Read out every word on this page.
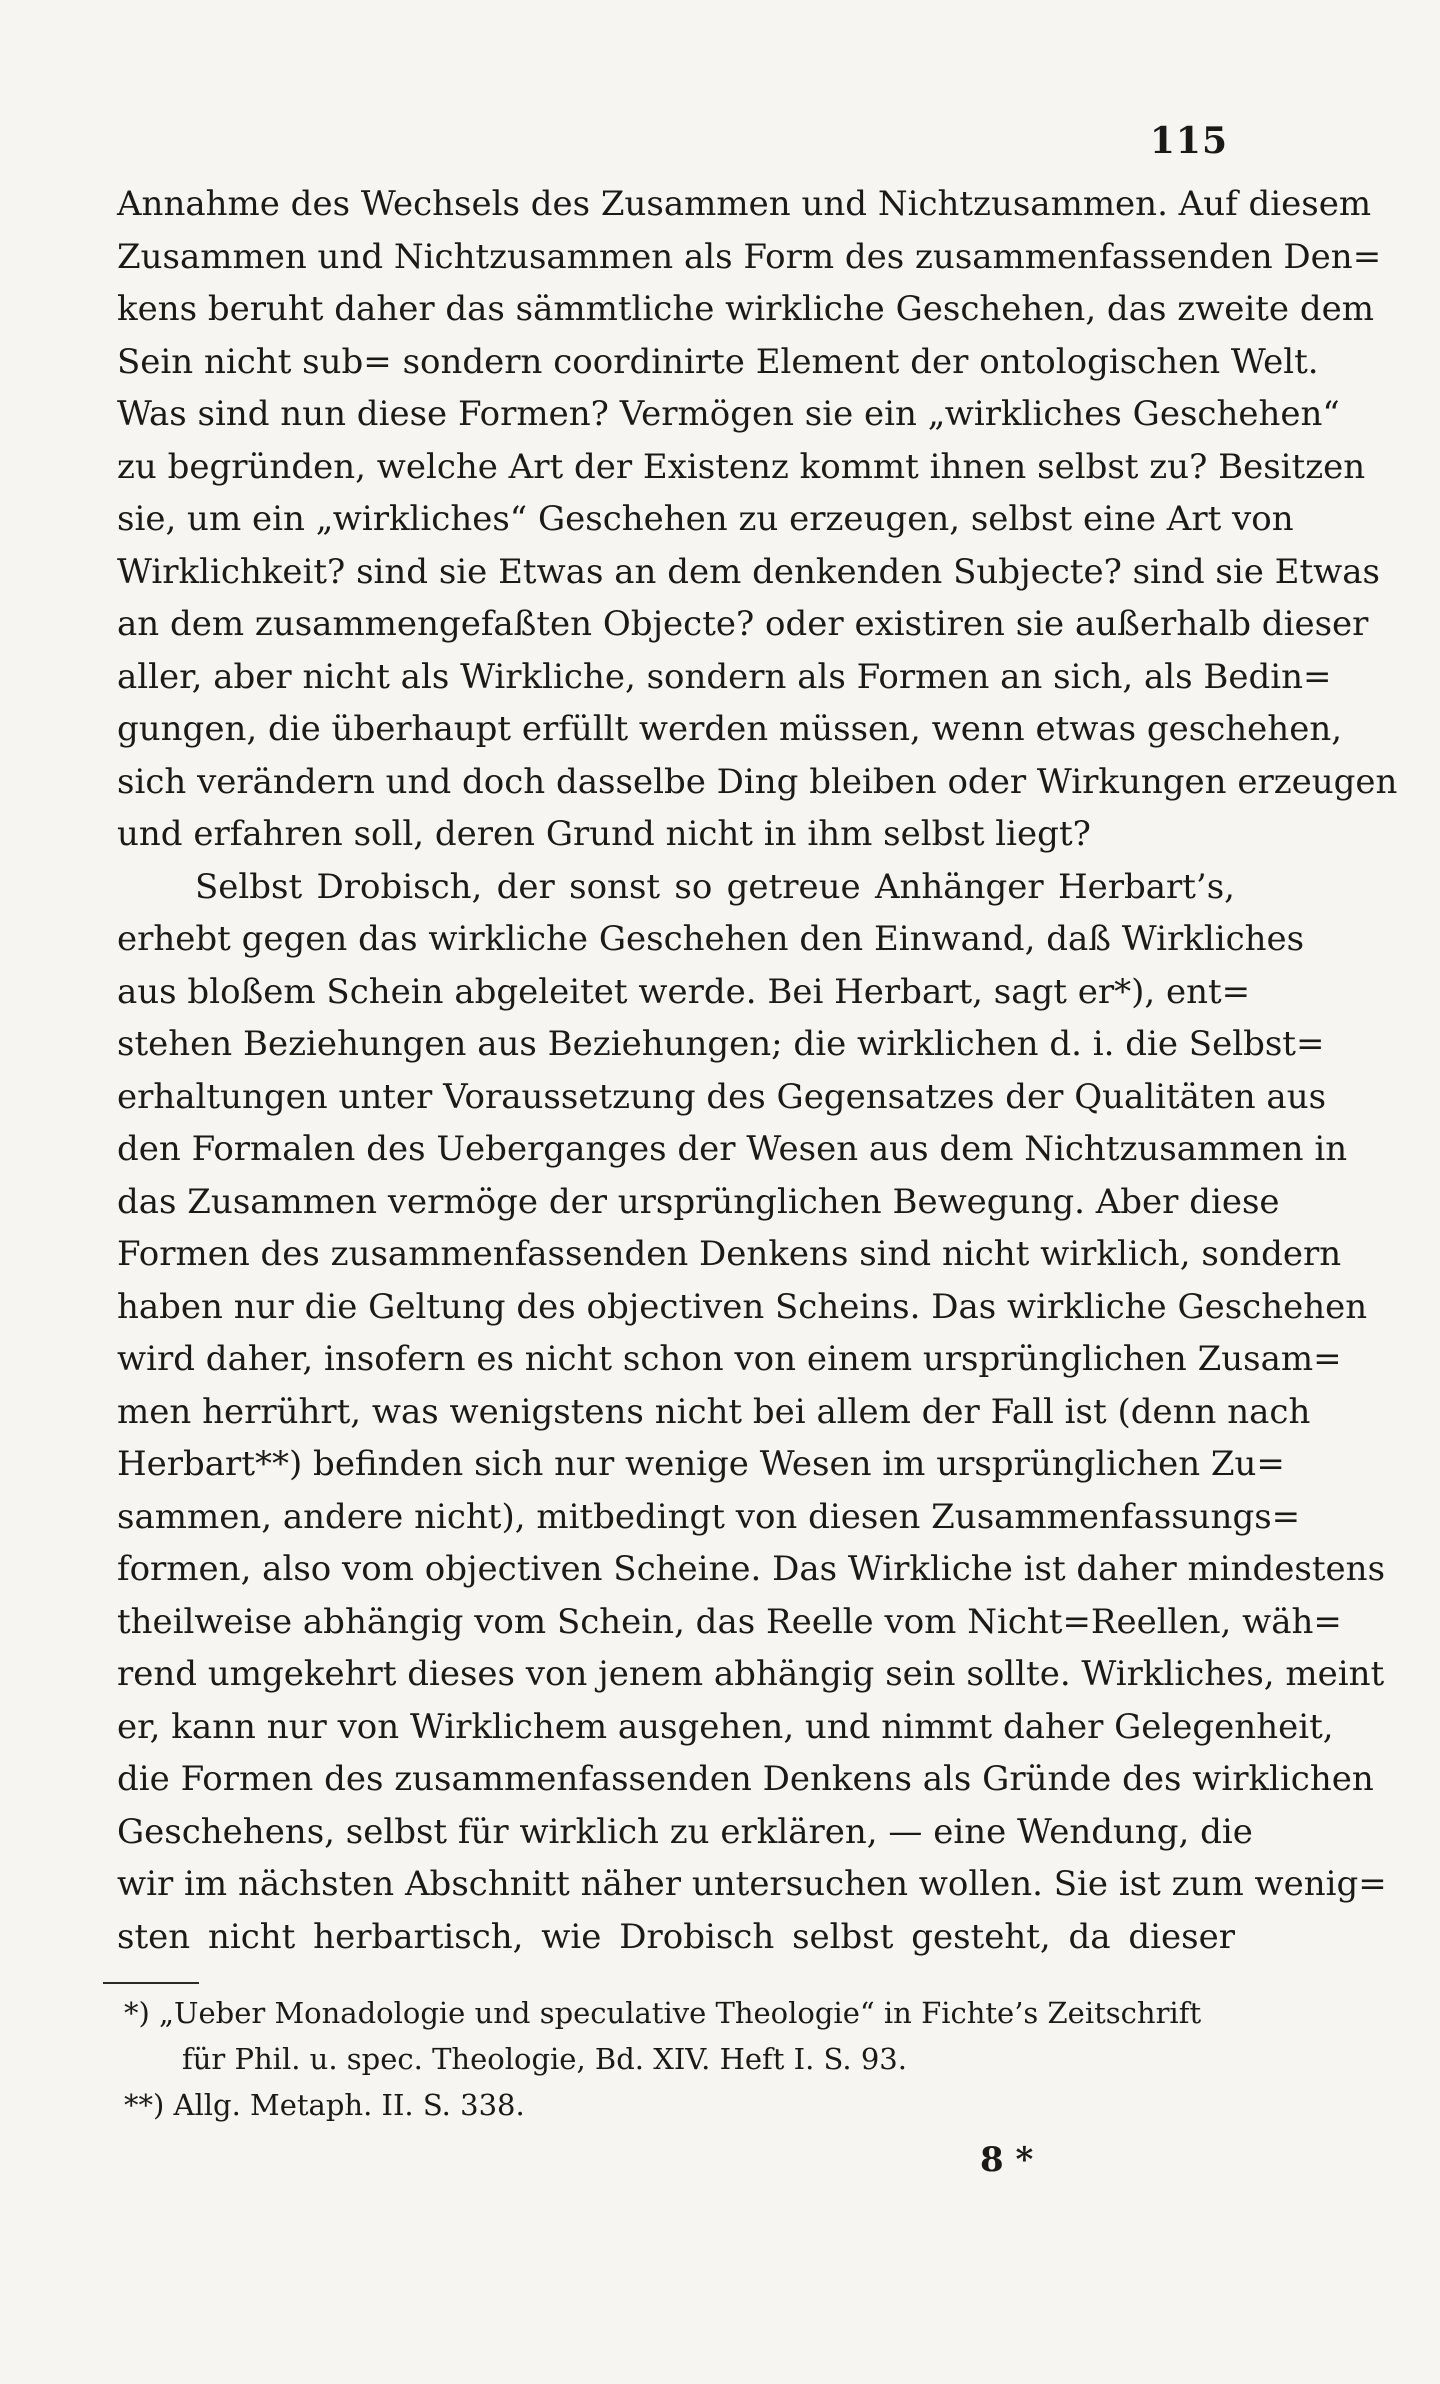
115
Annahme des Wechsels des Zusammen und Nichtzusammen. Auf diesem
Zusammen und Nichtzusammen als Form des zusammenfassenden Den=
kens beruht daher das sämmtliche wirkliche Geschehen, das zweite dem
Sein nicht sub= sondern coordinirte Element der ontologischen Welt.
Was sind nun diese Formen? Vermögen sie ein „wirkliches Geschehen“
zu begründen, welche Art der Existenz kommt ihnen selbst zu? Besitzen
sie, um ein „wirkliches“ Geschehen zu erzeugen, selbst eine Art von
Wirklichkeit? sind sie Etwas an dem denkenden Subjecte? sind sie Etwas
an dem zusammengefaßten Objecte? oder existiren sie außerhalb dieser
aller, aber nicht als Wirkliche, sondern als Formen an sich, als Bedin=
gungen, die überhaupt erfüllt werden müssen, wenn etwas geschehen,
sich verändern und doch dasselbe Ding bleiben oder Wirkungen erzeugen
und erfahren soll, deren Grund nicht in ihm selbst liegt?
Selbst Drobisch, der sonst so getreue Anhänger Herbart’s,
erhebt gegen das wirkliche Geschehen den Einwand, daß Wirkliches
aus bloßem Schein abgeleitet werde. Bei Herbart, sagt er*), ent=
stehen Beziehungen aus Beziehungen; die wirklichen d. i. die Selbst=
erhaltungen unter Voraussetzung des Gegensatzes der Qualitäten aus
den Formalen des Ueberganges der Wesen aus dem Nichtzusammen in
das Zusammen vermöge der ursprünglichen Bewegung. Aber diese
Formen des zusammenfassenden Denkens sind nicht wirklich, sondern
haben nur die Geltung des objectiven Scheins. Das wirkliche Geschehen
wird daher, insofern es nicht schon von einem ursprünglichen Zusam=
men herrührt, was wenigstens nicht bei allem der Fall ist (denn nach
Herbart**) befinden sich nur wenige Wesen im ursprünglichen Zu=
sammen, andere nicht), mitbedingt von diesen Zusammenfassungs=
formen, also vom objectiven Scheine. Das Wirkliche ist daher mindestens
theilweise abhängig vom Schein, das Reelle vom Nicht=Reellen, wäh=
rend umgekehrt dieses von jenem abhängig sein sollte. Wirkliches, meint
er, kann nur von Wirklichem ausgehen, und nimmt daher Gelegenheit,
die Formen des zusammenfassenden Denkens als Gründe des wirklichen
Geschehens, selbst für wirklich zu erklären, — eine Wendung, die
wir im nächsten Abschnitt näher untersuchen wollen. Sie ist zum wenig=
sten nicht herbartisch, wie Drobisch selbst gesteht, da dieser
*) „Ueber Monadologie und speculative Theologie“ in Fichte’s Zeitschrift
für Phil. u. spec. Theologie, Bd. XIV. Heft I. S. 93.
**) Allg. Metaph. II. S. 338.
8 *
